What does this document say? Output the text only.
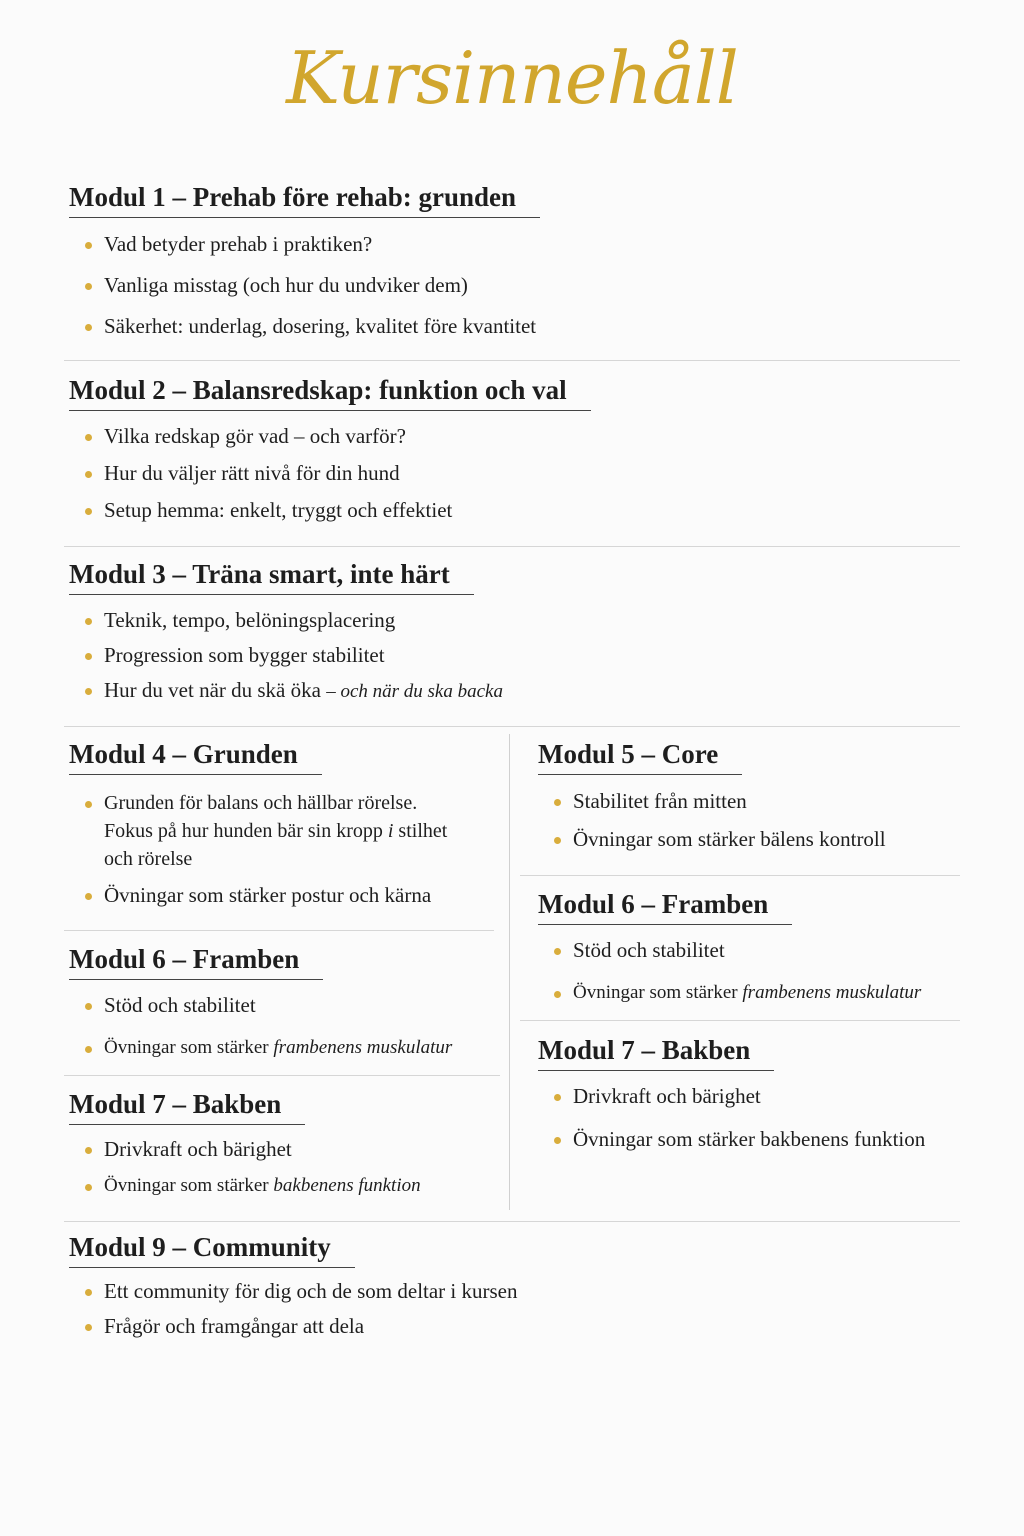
Kursinnehåll
Modul 1 – Prehab före rehab: grunden
Vad betyder prehab i praktiken?
Vanliga misstag (och hur du undviker dem)
Säkerhet: underlag, dosering, kvalitet före kvantitet
Modul 2 – Balansredskap: funktion och val
Vilka redskap gör vad – och varför?
Hur du väljer rätt nivå för din hund
Setup hemma: enkelt, tryggt och effektiet
Modul 3 – Träna smart, inte härt
Teknik, tempo, belöningsplacering
Progression som bygger stabilitet
Hur du vet när du skä öka – och när du ska backa
Modul 4 – Grunden
Grunden för balans och hällbar rörelse.
Fokus på hur hunden bär sin kropp i stilhet
och rörelse
Övningar som stärker postur och kärna
Modul 6 – Framben
Stöd och stabilitet
Övningar som stärker frambenens muskulatur
Modul 7 – Bakben
Drivkraft och bärighet
Övningar som stärker bakbenens funktion
Modul 5 – Core
Stabilitet från mitten
Övningar som stärker bälens kontroll
Modul 6 – Framben
Stöd och stabilitet
Övningar som stärker frambenens muskulatur
Modul 7 – Bakben
Drivkraft och bärighet
Övningar som stärker bakbenens funktion
Modul 9 – Community
Ett community för dig och de som deltar i kursen
Frågör och framgångar att dela
